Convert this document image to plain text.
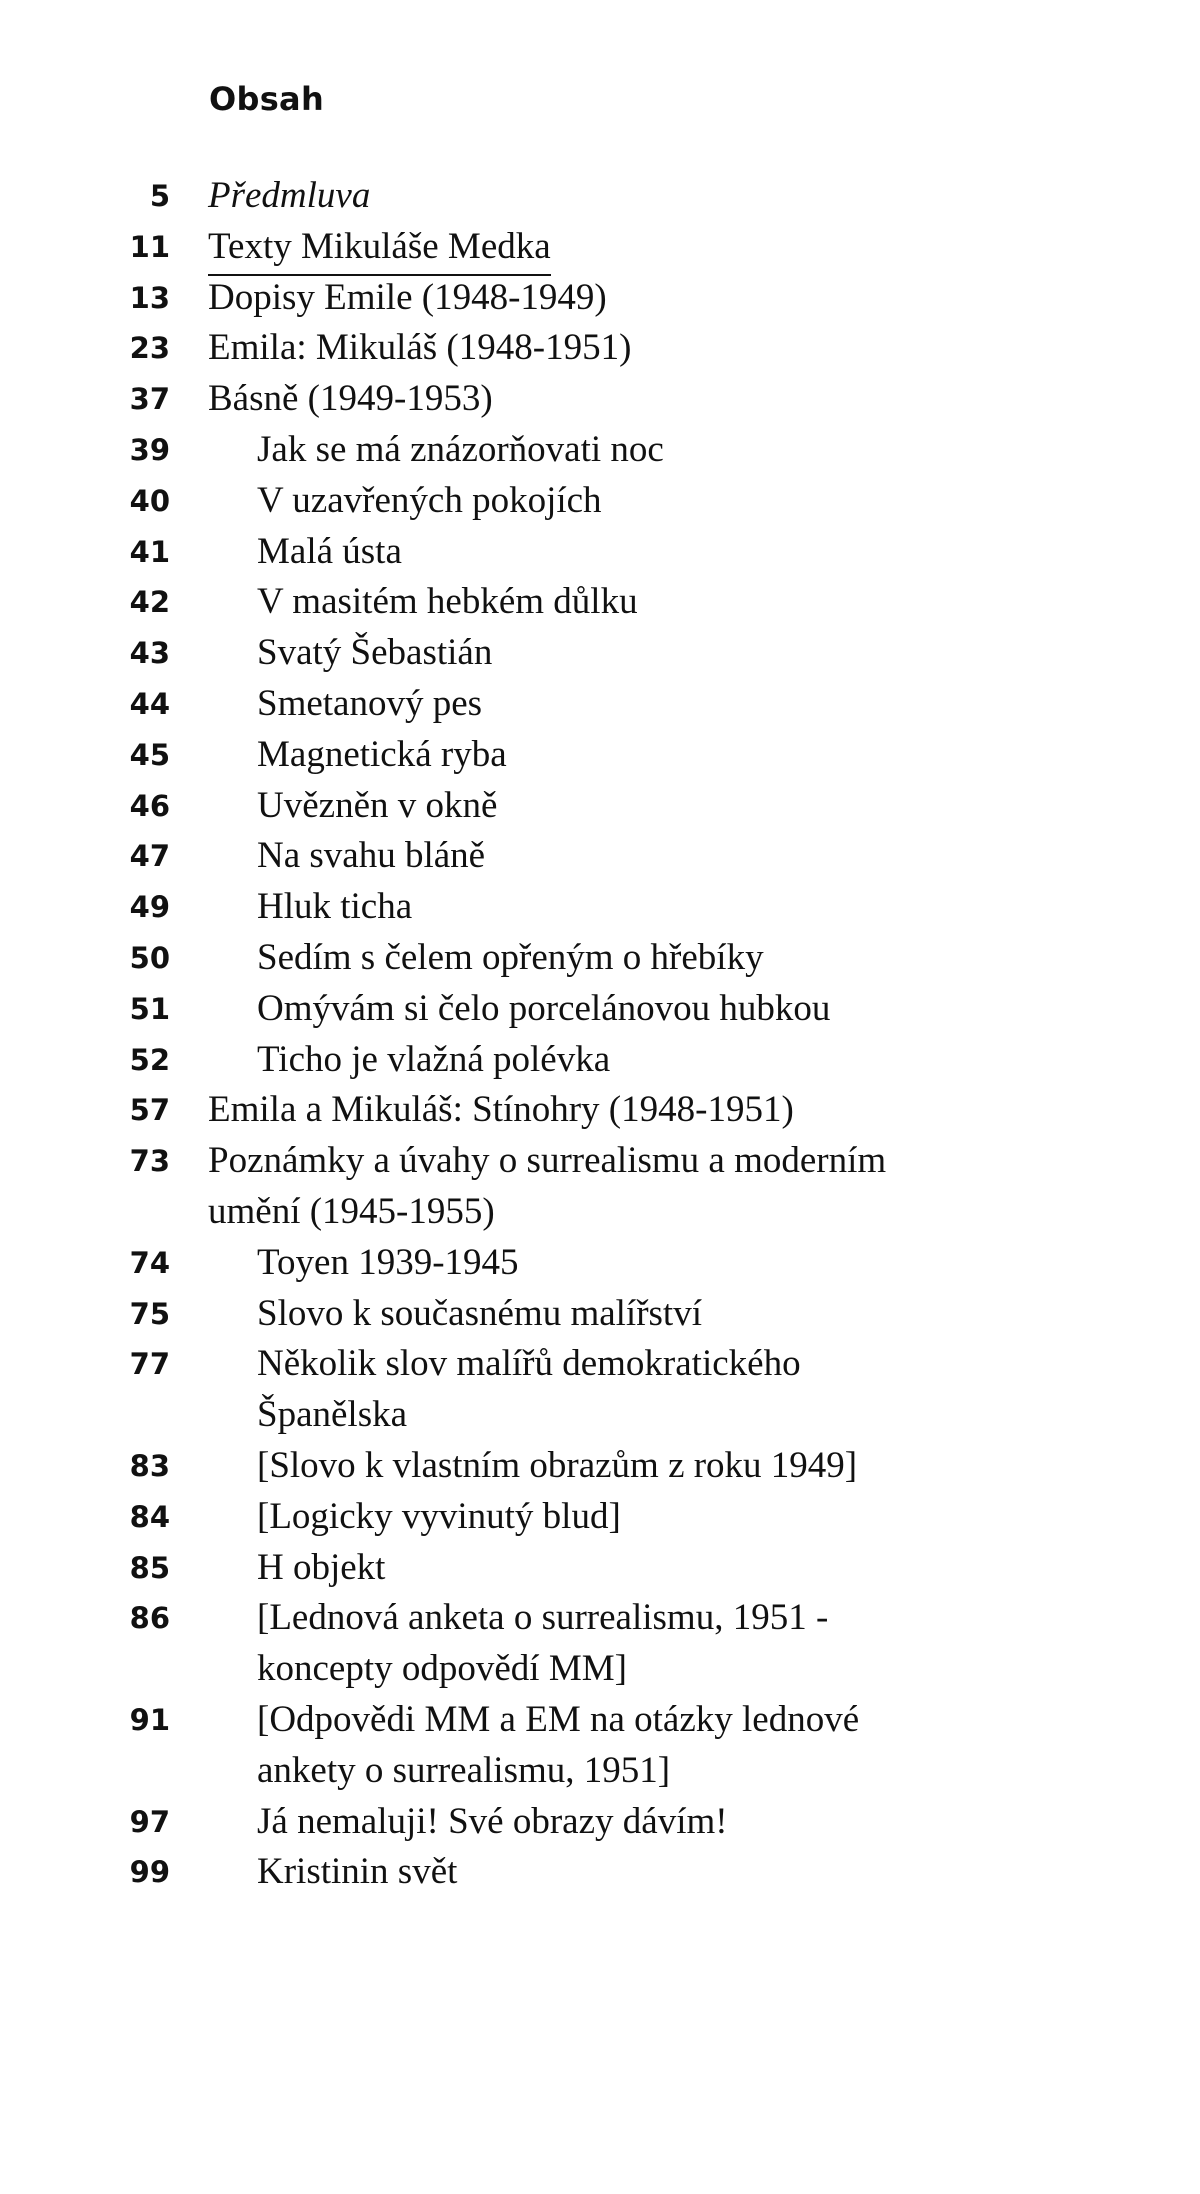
Obsah
5 Předmluva
11 Texty Mikuláše Medka
13 Dopisy Emile (1948-1949)
23 Emila: Mikuláš (1948-1951)
37 Básně (1949-1953)
39 Jak se má znázorňovati noc
40 V uzavřených pokojích
41 Malá ústa
42 V masitém hebkém důlku
43 Svatý Šebastián
44 Smetanový pes
45 Magnetická ryba
46 Uvězněn v okně
47 Na svahu bláně
49 Hluk ticha
50 Sedím s čelem opřeným o hřebíky
51 Omývám si čelo porcelánovou hubkou
52 Ticho je vlažná polévka
57 Emila a Mikuláš: Stínohry (1948-1951)
73 Poznámky a úvahy o surrealismu a moderním
umění (1945-1955)
74 Toyen 1939-1945
75 Slovo k současnému malířství
77 Několik slov malířů demokratického
Španělska
83 [Slovo k vlastním obrazům z roku 1949]
84 [Logicky vyvinutý blud]
85 H objekt
86 [Lednová anketa o surrealismu, 1951 -
koncepty odpovědí MM]
91 [Odpovědi MM a EM na otázky lednové
ankety o surrealismu, 1951]
97 Já nemaluji! Své obrazy dávím!
99 Kristinin svět
